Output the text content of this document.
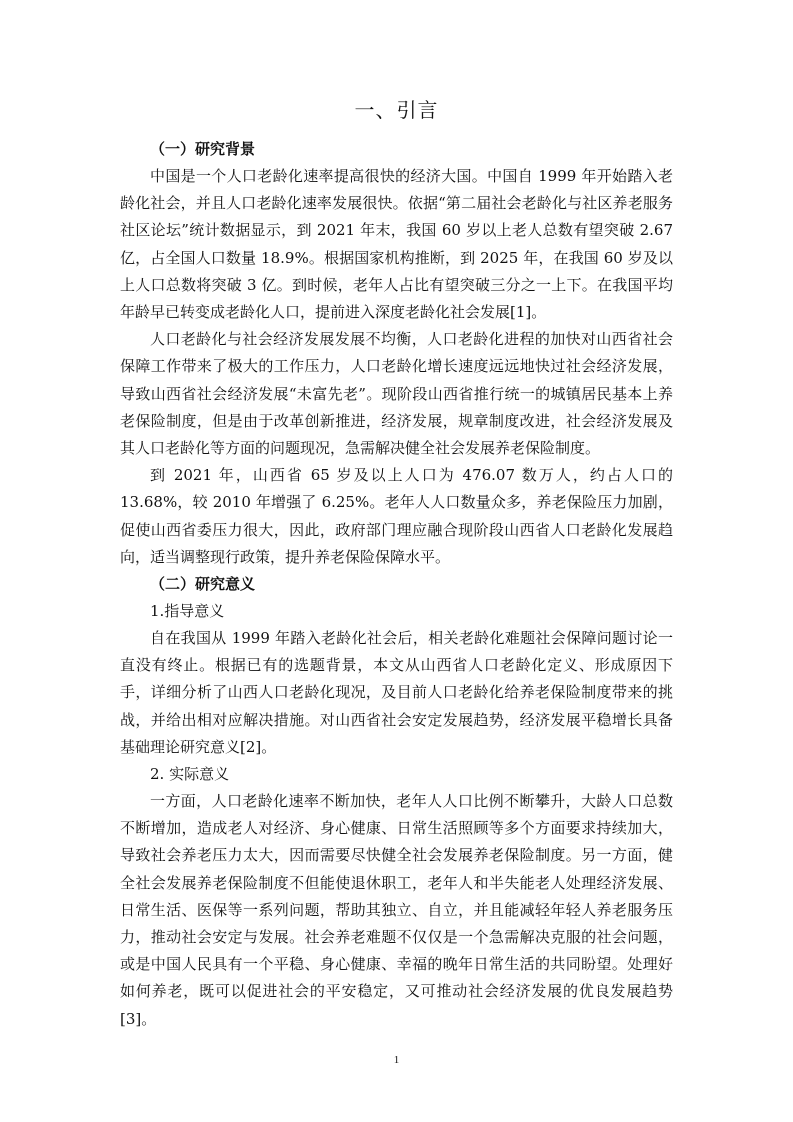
一、引言
（一）研究背景

中国是一个人口老龄化速率提高很快的经济大国。中国自 1999 年开始踏入老龄化社会，并且人口老龄化速率发展很快。依据“第二届社会老龄化与社区养老服务社区论坛”统计数据显示，到 2021 年末，我国 60 岁以上老人总数有望突破 2.67 亿，占全国人口数量 18.9%。根据国家机构推断，到 2025 年，在我国 60 岁及以上人口总数将突破 3 亿。到时候，老年人占比有望突破三分之一上下。在我国平均年龄早已转变成老龄化人口，提前进入深度老龄化社会发展[1]。

人口老龄化与社会经济发展发展不均衡，人口老龄化进程的加快对山西省社会保障工作带来了极大的工作压力，人口老龄化增长速度远远地快过社会经济发展，导致山西省社会经济发展“未富先老”。现阶段山西省推行统一的城镇居民基本上养老保险制度，但是由于改革创新推进，经济发展，规章制度改进，社会经济发展及其人口老龄化等方面的问题现况，急需解决健全社会发展养老保险制度。

到 2021 年，山西省 65 岁及以上人口为 476.07 数万人，约占人口的 13.68%，较 2010 年增强了 6.25%。老年人人口数量众多，养老保险压力加剧，促使山西省委压力很大，因此，政府部门理应融合现阶段山西省人口老龄化发展趋向，适当调整现行政策，提升养老保险保障水平。

（二）研究意义
1.指导意义

自在我国从 1999 年踏入老龄化社会后，相关老龄化难题社会保障问题讨论一直没有终止。根据已有的选题背景，本文从山西省人口老龄化定义、形成原因下手，详细分析了山西人口老龄化现况，及目前人口老龄化给养老保险制度带来的挑战，并给出相对应解决措施。对山西省社会安定发展趋势，经济发展平稳增长具备基础理论研究意义[2]。

2. 实际意义

一方面，人口老龄化速率不断加快，老年人人口比例不断攀升，大龄人口总数不断增加，造成老人对经济、身心健康、日常生活照顾等多个方面要求持续加大，导致社会养老压力太大，因而需要尽快健全社会发展养老保险制度。另一方面，健全社会发展养老保险制度不但能使退休职工，老年人和半失能老人处理经济发展、日常生活、医保等一系列问题，帮助其独立、自立，并且能减轻年轻人养老服务压力，推动社会安定与发展。社会养老难题不仅仅是一个急需解决克服的社会问题，或是中国人民具有一个平稳、身心健康、幸福的晚年日常生活的共同盼望。处理好如何养老，既可以促进社会的平安稳定，又可推动社会经济发展的优良发展趋势[3]。

1
